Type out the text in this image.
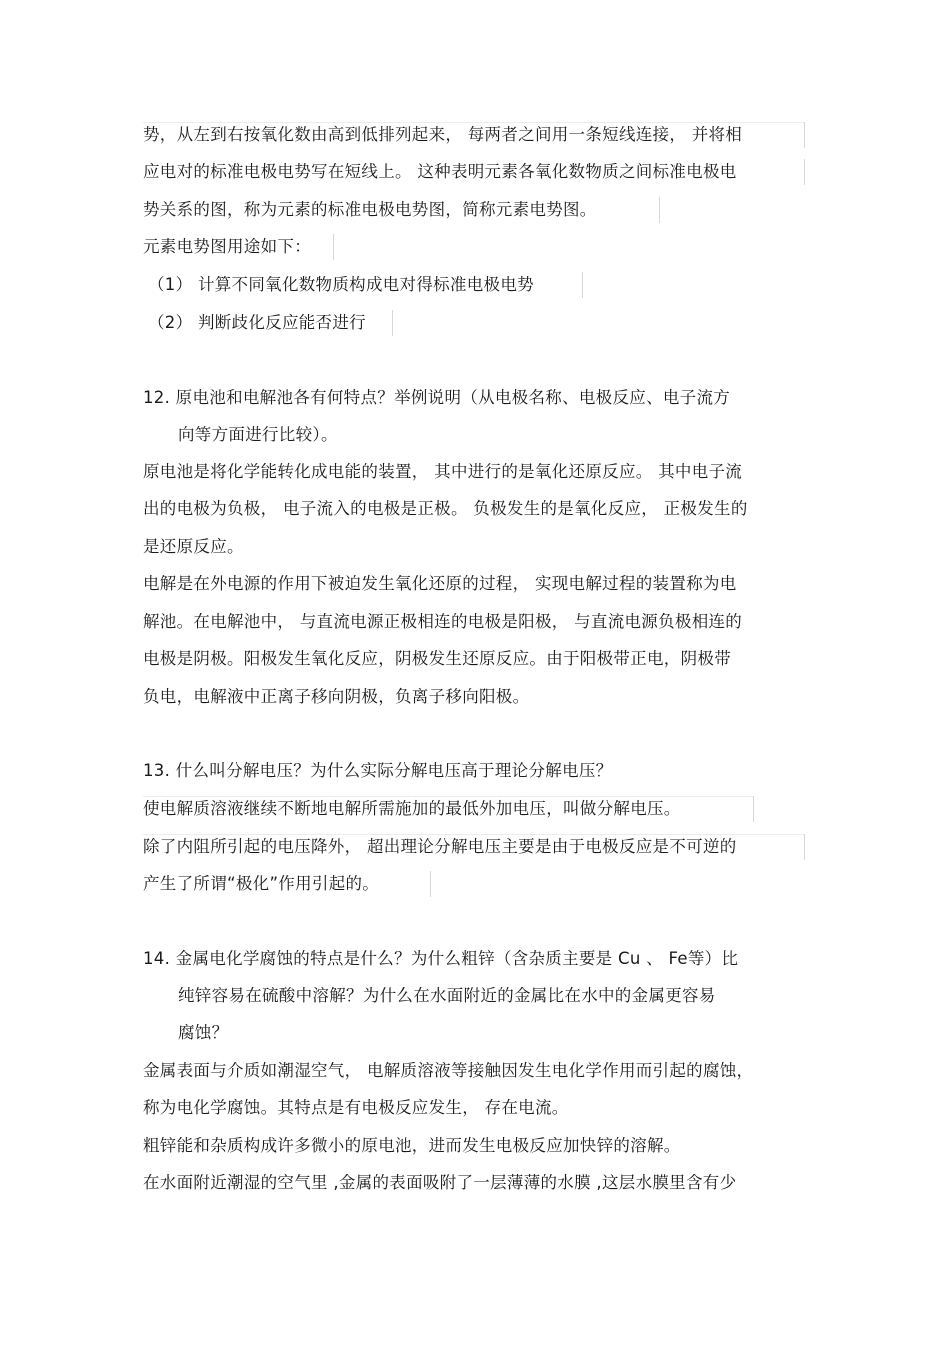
势，从左到右按氧化数由高到低排列起来， 每两者之间用一条短线连接， 并将相
应电对的标准电极电势写在短线上。 这种表明元素各氧化数物质之间标准电极电
势关系的图，称为元素的标准电极电势图，简称元素电势图。
元素电势图用途如下：
（1） 计算不同氧化数物质构成电对得标准电极电势
（2） 判断歧化反应能否进行
12. 原电池和电解池各有何特点？举例说明（从电极名称、电极反应、电子流方
向等方面进行比较）。
原电池是将化学能转化成电能的装置， 其中进行的是氧化还原反应。 其中电子流
出的电极为负极， 电子流入的电极是正极。 负极发生的是氧化反应， 正极发生的
是还原反应。
电解是在外电源的作用下被迫发生氧化还原的过程， 实现电解过程的装置称为电
解池。在电解池中， 与直流电源正极相连的电极是阳极， 与直流电源负极相连的
电极是阴极。阳极发生氧化反应，阴极发生还原反应。由于阳极带正电，阴极带
负电，电解液中正离子移向阴极，负离子移向阳极。
13. 什么叫分解电压？为什么实际分解电压高于理论分解电压？
使电解质溶液继续不断地电解所需施加的最低外加电压，叫做分解电压。
除了内阻所引起的电压降外， 超出理论分解电压主要是由于电极反应是不可逆的
产生了所谓“极化”作用引起的。
14. 金属电化学腐蚀的特点是什么？为什么粗锌（含杂质主要是 Cu 、 Fe等）比
纯锌容易在硫酸中溶解？为什么在水面附近的金属比在水中的金属更容易
腐蚀？
金属表面与介质如潮湿空气， 电解质溶液等接触因发生电化学作用而引起的腐蚀，
称为电化学腐蚀。其特点是有电极反应发生， 存在电流。
粗锌能和杂质构成许多微小的原电池，进而发生电极反应加快锌的溶解。
在水面附近潮湿的空气里 ,金属的表面吸附了一层薄薄的水膜 ,这层水膜里含有少
